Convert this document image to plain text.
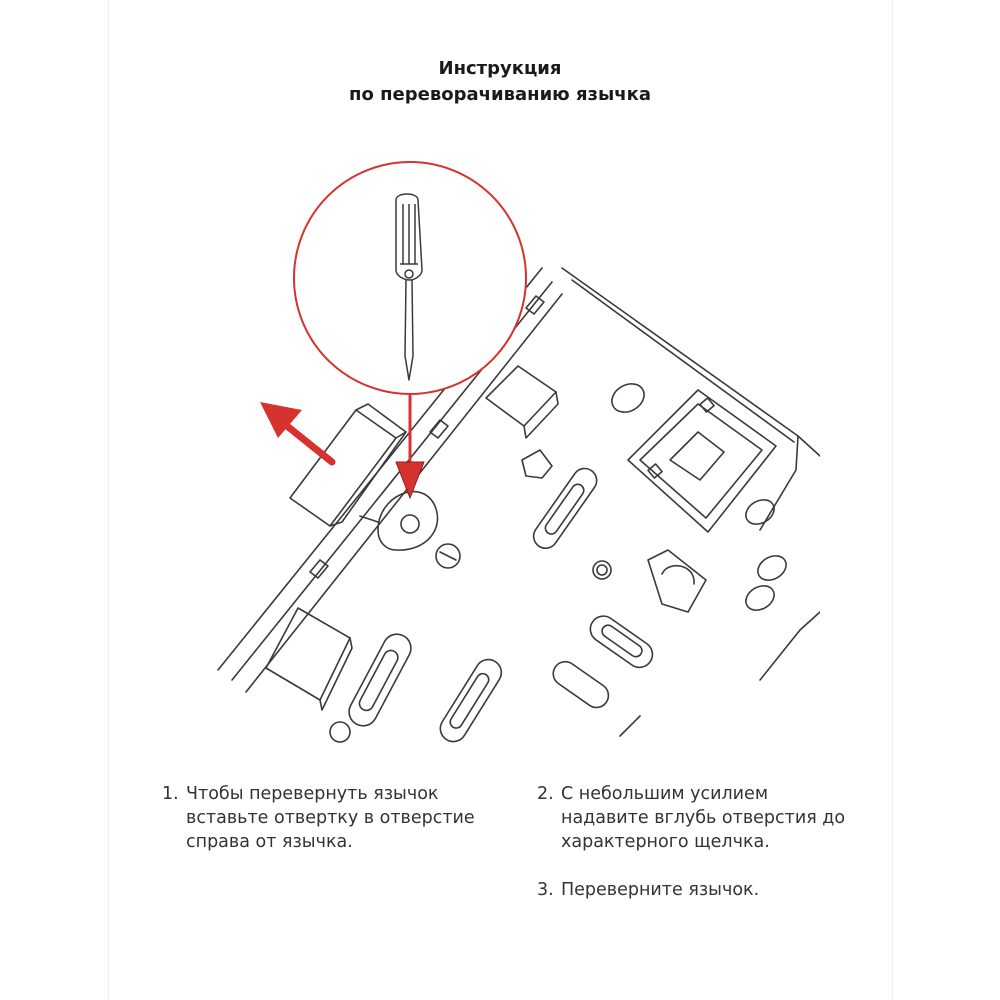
Инструкция
по переворачиванию язычка
1. Чтобы перевернуть язычок вставьте отвертку в отверстие справа от язычка.
2. С небольшим усилием надавите вглубь отверстия до характерного щелчка.
3. Переверните язычок.
